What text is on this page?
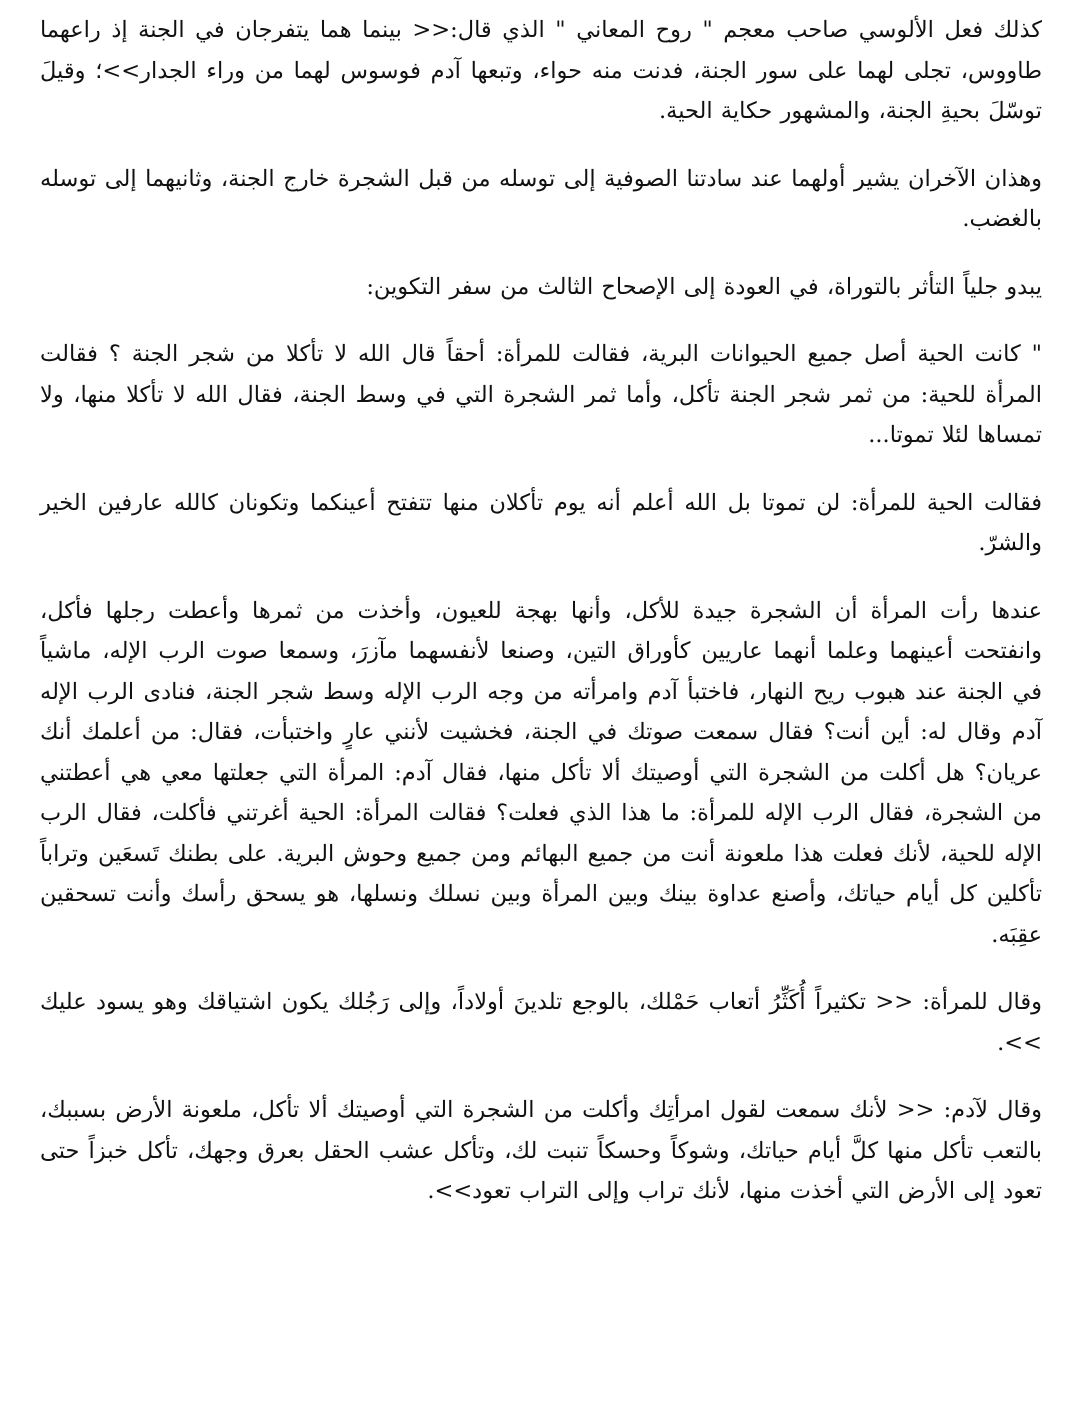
كذلك فعل الألوسي صاحب معجم " روح المعاني " الذي قال:<< بينما هما يتفرجان في الجنة إذ راعهما طاووس، تجلى لهما على سور الجنة، فدنت منه حواء، وتبعها آدم فوسوس لهما من وراء الجدار>>؛ وقيلَ توسّلَ بحيةِ الجنة، والمشهور حكاية الحية.

وهذان الآخران يشير أولهما عند سادتنا الصوفية إلى توسله من قبل الشجرة خارج الجنة، وثانيهما إلى توسله بالغضب.

يبدو جلياً التأثر بالتوراة، في العودة إلى الإصحاح الثالث من سفر التكوين:

" كانت الحية أصل جميع الحيوانات البرية، فقالت للمرأة: أحقاً قال الله لا تأكلا من شجر الجنة ؟ فقالت المرأة للحية: من ثمر شجر الجنة تأكل، وأما ثمر الشجرة التي في وسط الجنة، فقال الله لا تأكلا منها، ولا تمساها لئلا تموتا...

فقالت الحية للمرأة: لن تموتا بل الله أعلم أنه يوم تأكلان منها تتفتح أعينكما وتكونان كالله عارفين الخير والشرّ.

عندها رأت المرأة أن الشجرة جيدة للأكل، وأنها بهجة للعيون، وأخذت من ثمرها وأعطت رجلها فأكل، وانفتحت أعينهما وعلما أنهما عاريين كأوراق التين، وصنعا لأنفسهما مآزرَ، وسمعا صوت الرب الإله، ماشياً في الجنة عند هبوب ريح النهار، فاختبأ آدم وامرأته من وجه الرب الإله وسط شجر الجنة، فنادى الرب الإله آدم وقال له: أين أنت؟ فقال سمعت صوتك في الجنة، فخشيت لأنني عارٍ واختبأت، فقال: من أعلمك أنك عريان؟ هل أكلت من الشجرة التي أوصيتك ألا تأكل منها، فقال آدم: المرأة التي جعلتها معي هي أعطتني من الشجرة، فقال الرب الإله للمرأة: ما هذا الذي فعلت؟ فقالت المرأة: الحية أغرتني فأكلت، فقال الرب الإله للحية، لأنك فعلت هذا ملعونة أنت من جميع البهائم ومن جميع وحوش البرية. على بطنك تَسعَين وتراباً تأكلين كل أيام حياتك، وأصنع عداوة بينك وبين المرأة وبين نسلك ونسلها، هو يسحق رأسك وأنت تسحقين عقِبَه.

وقال للمرأة: << تكثيراً أُكَثِّرُ أتعاب حَمْلك، بالوجع تلدينَ أولاداً، وإلى رَجُلك يكون اشتياقك وهو يسود عليك >>.

وقال لآدم: << لأنك سمعت لقول امرأتِك وأكلت من الشجرة التي أوصيتك ألا تأكل، ملعونة الأرض بسببك، بالتعب تأكل منها كلَّ أيام حياتك، وشوكاً وحسكاً تنبت لك، وتأكل عشب الحقل بعرق وجهك، تأكل خبزاً حتى تعود إلى الأرض التي أخذت منها، لأنك تراب وإلى التراب تعود>>.
